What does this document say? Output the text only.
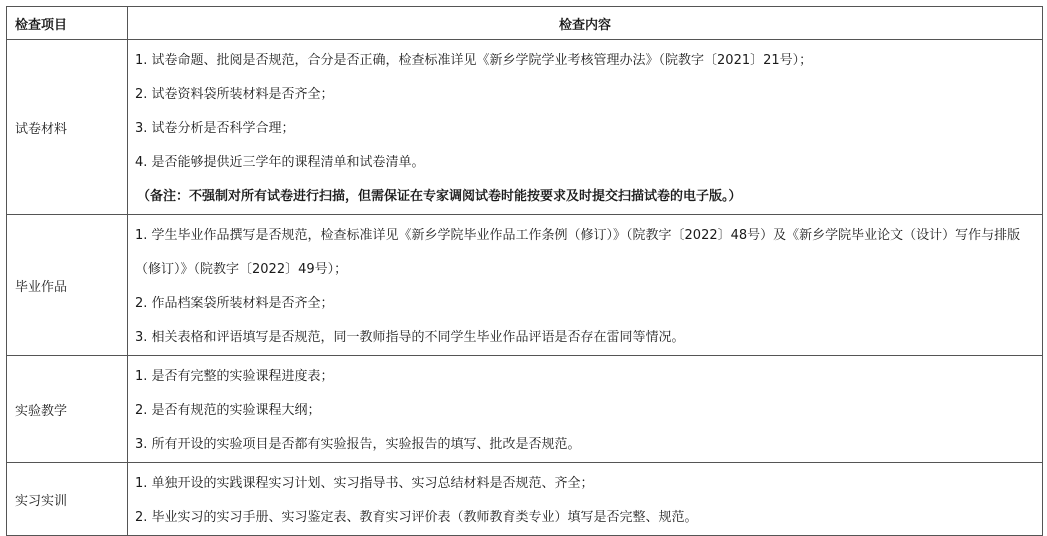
检查项目	检查内容
试卷材料	1. 试卷命题、批阅是否规范，合分是否正确，检查标准详见《新乡学院学业考核管理办法》（院教字〔2021〕21号）；
2. 试卷资料袋所装材料是否齐全；
3. 试卷分析是否科学合理；
4. 是否能够提供近三学年的课程清单和试卷清单。
（备注：不强制对所有试卷进行扫描，但需保证在专家调阅试卷时能按要求及时提交扫描试卷的电子版。）

毕业作品	1. 学生毕业作品撰写是否规范，检查标准详见《新乡学院毕业作品工作条例（修订）》（院教字〔2022〕48号）及《新乡学院毕业论文（设计）写作与排版（修订）》（院教字〔2022〕49号）；
2. 作品档案袋所装材料是否齐全；
3. 相关表格和评语填写是否规范，同一教师指导的不同学生毕业作品评语是否存在雷同等情况。

实验教学	1. 是否有完整的实验课程进度表；
2. 是否有规范的实验课程大纲；
3. 所有开设的实验项目是否都有实验报告，实验报告的填写、批改是否规范。

实习实训	1. 单独开设的实践课程实习计划、实习指导书、实习总结材料是否规范、齐全；
2. 毕业实习的实习手册、实习鉴定表、教育实习评价表（教师教育类专业）填写是否完整、规范。
